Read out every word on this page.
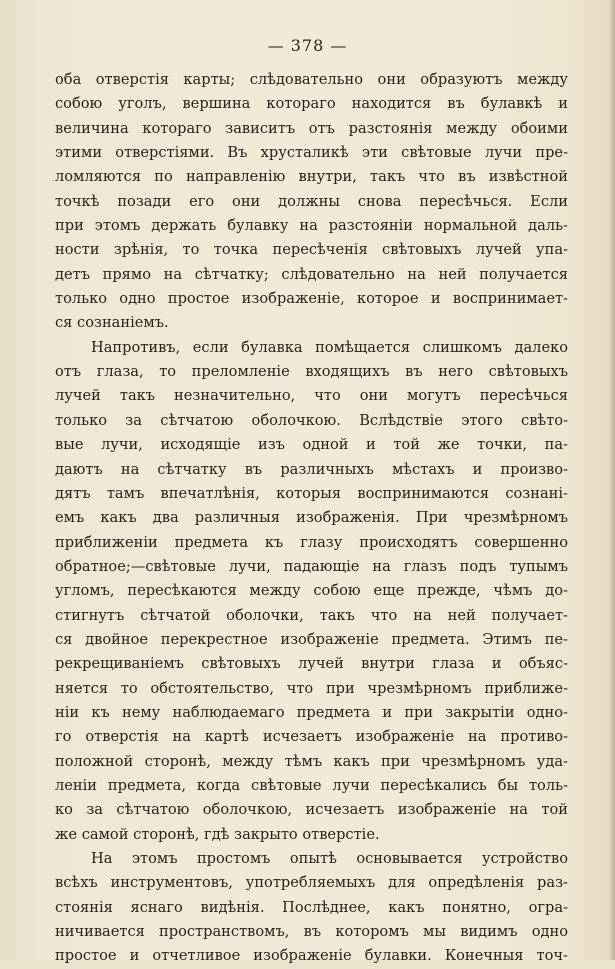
— 378 —
оба отверстія карты; слѣдовательно они образуютъ между
собою уголъ, вершина котораго находится въ булавкѣ и
величина котораго зависитъ отъ разстоянія между обоими
этими отверстіями. Въ хрусталикѣ эти свѣтовые лучи пре-
ломляются по направленію внутри, такъ что въ извѣстной
точкѣ позади его они должны снова пересѣчься. Если
при этомъ держать булавку на разстояніи нормальной даль-
ности зрѣнія, то точка пересѣченія свѣтовыхъ лучей упа-
детъ прямо на сѣтчатку; слѣдовательно на ней получается
только одно простое изображеніе, которое и воспринимает-
ся сознаніемъ.
Напротивъ, если булавка помѣщается слишкомъ далеко
отъ глаза, то преломленіе входящихъ въ него свѣтовыхъ
лучей такъ незначительно, что они могутъ пересѣчься
только за сѣтчатою оболочкою. Вслѣдствіе этого свѣто-
вые лучи, исходящіе изъ одной и той же точки, па-
даютъ на сѣтчатку въ различныхъ мѣстахъ и произво-
дятъ тамъ впечатлѣнія, которыя воспринимаются сознані-
емъ какъ два различныя изображенія. При чрезмѣрномъ
приближеніи предмета къ глазу происходятъ совершенно
обратное;—свѣтовые лучи, падающіе на глазъ подъ тупымъ
угломъ, пересѣкаются между собою еще прежде, чѣмъ до-
стигнутъ сѣтчатой оболочки, такъ что на ней получает-
ся двойное перекрестное изображеніе предмета. Этимъ пе-
рекрещиваніемъ свѣтовыхъ лучей внутри глаза и объяс-
няется то обстоятельство, что при чрезмѣрномъ приближе-
ніи къ нему наблюдаемаго предмета и при закрытіи одно-
го отверстія на картѣ исчезаетъ изображеніе на противо-
положной сторонѣ, между тѣмъ какъ при чрезмѣрномъ уда-
леніи предмета, когда свѣтовые лучи пересѣкались бы толь-
ко за сѣтчатою оболочкою, исчезаетъ изображеніе на той
же самой сторонѣ, гдѣ закрыто отверстіе.
На этомъ простомъ опытѣ основывается устройство
всѣхъ инструментовъ, употребляемыхъ для опредѣленія раз-
стоянія яснаго видѣнія. Послѣднее, какъ понятно, огра-
ничивается пространствомъ, въ которомъ мы видимъ одно
простое и отчетливое изображеніе булавки. Конечныя точ-
